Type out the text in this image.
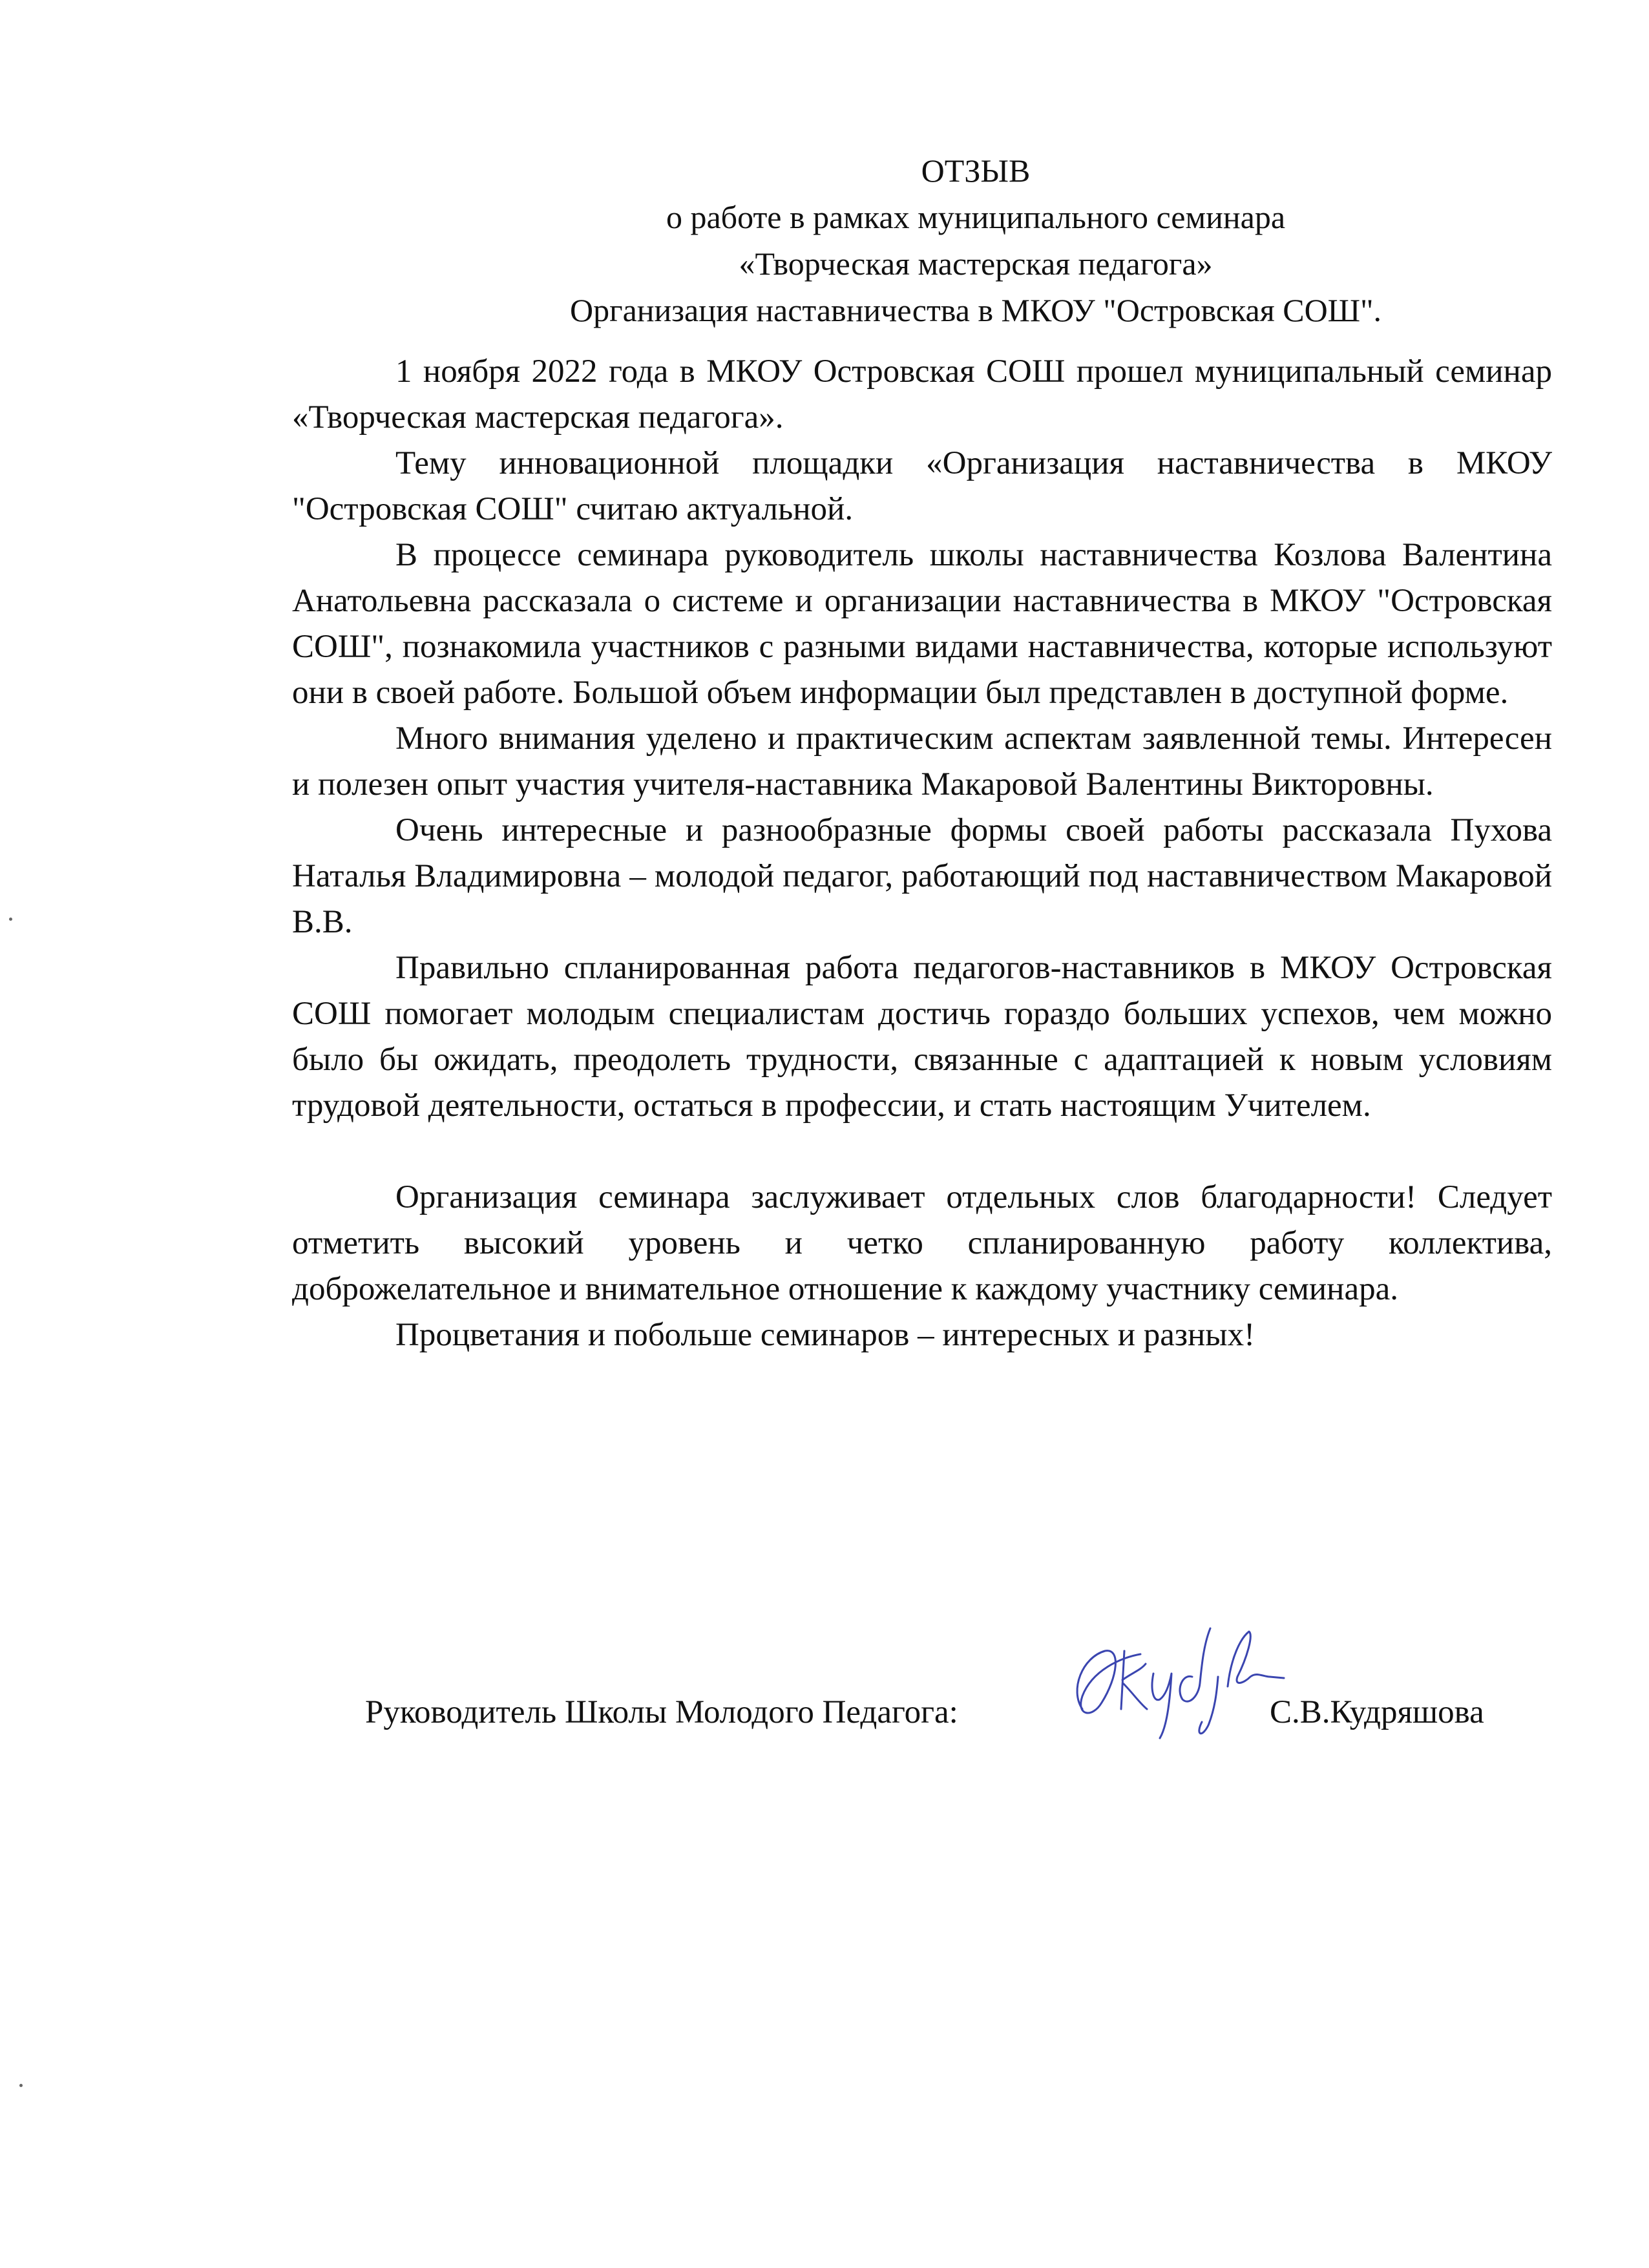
ОТЗЫВ
о работе в рамках муниципального семинара
«Творческая мастерская педагога»
Организация наставничества в МКОУ "Островская СОШ".

1 ноября 2022 года в МКОУ Островская СОШ прошел муниципальный семинар «Творческая мастерская педагога».

Тему инновационной площадки «Организация наставничества в МКОУ "Островская СОШ" считаю актуальной.

В процессе семинара руководитель школы наставничества Козлова Валентина Анатольевна рассказала о системе и организации наставничества в МКОУ "Островская СОШ", познакомила участников с разными видами наставничества, которые используют они в своей работе. Большой объем информации был представлен в доступной форме.

Много внимания уделено и практическим аспектам заявленной темы. Интересен и полезен опыт участия учителя-наставника Макаровой Валентины Викторовны.

Очень интересные и разнообразные формы своей работы рассказала Пухова Наталья Владимировна – молодой педагог, работающий под наставничеством Макаровой В.В.

Правильно спланированная работа педагогов-наставников в МКОУ Островская СОШ помогает молодым специалистам достичь гораздо больших успехов, чем можно было бы ожидать, преодолеть трудности, связанные с адаптацией к новым условиям трудовой деятельности, остаться в профессии, и стать настоящим Учителем.

Организация семинара заслуживает отдельных слов благодарности! Следует отметить высокий уровень и четко спланированную работу коллектива, доброжелательное и внимательное отношение к каждому участнику семинара.

Процветания и побольше семинаров – интересных и разных!

Руководитель Школы Молодого Педагога:	С.В.Кудряшова
